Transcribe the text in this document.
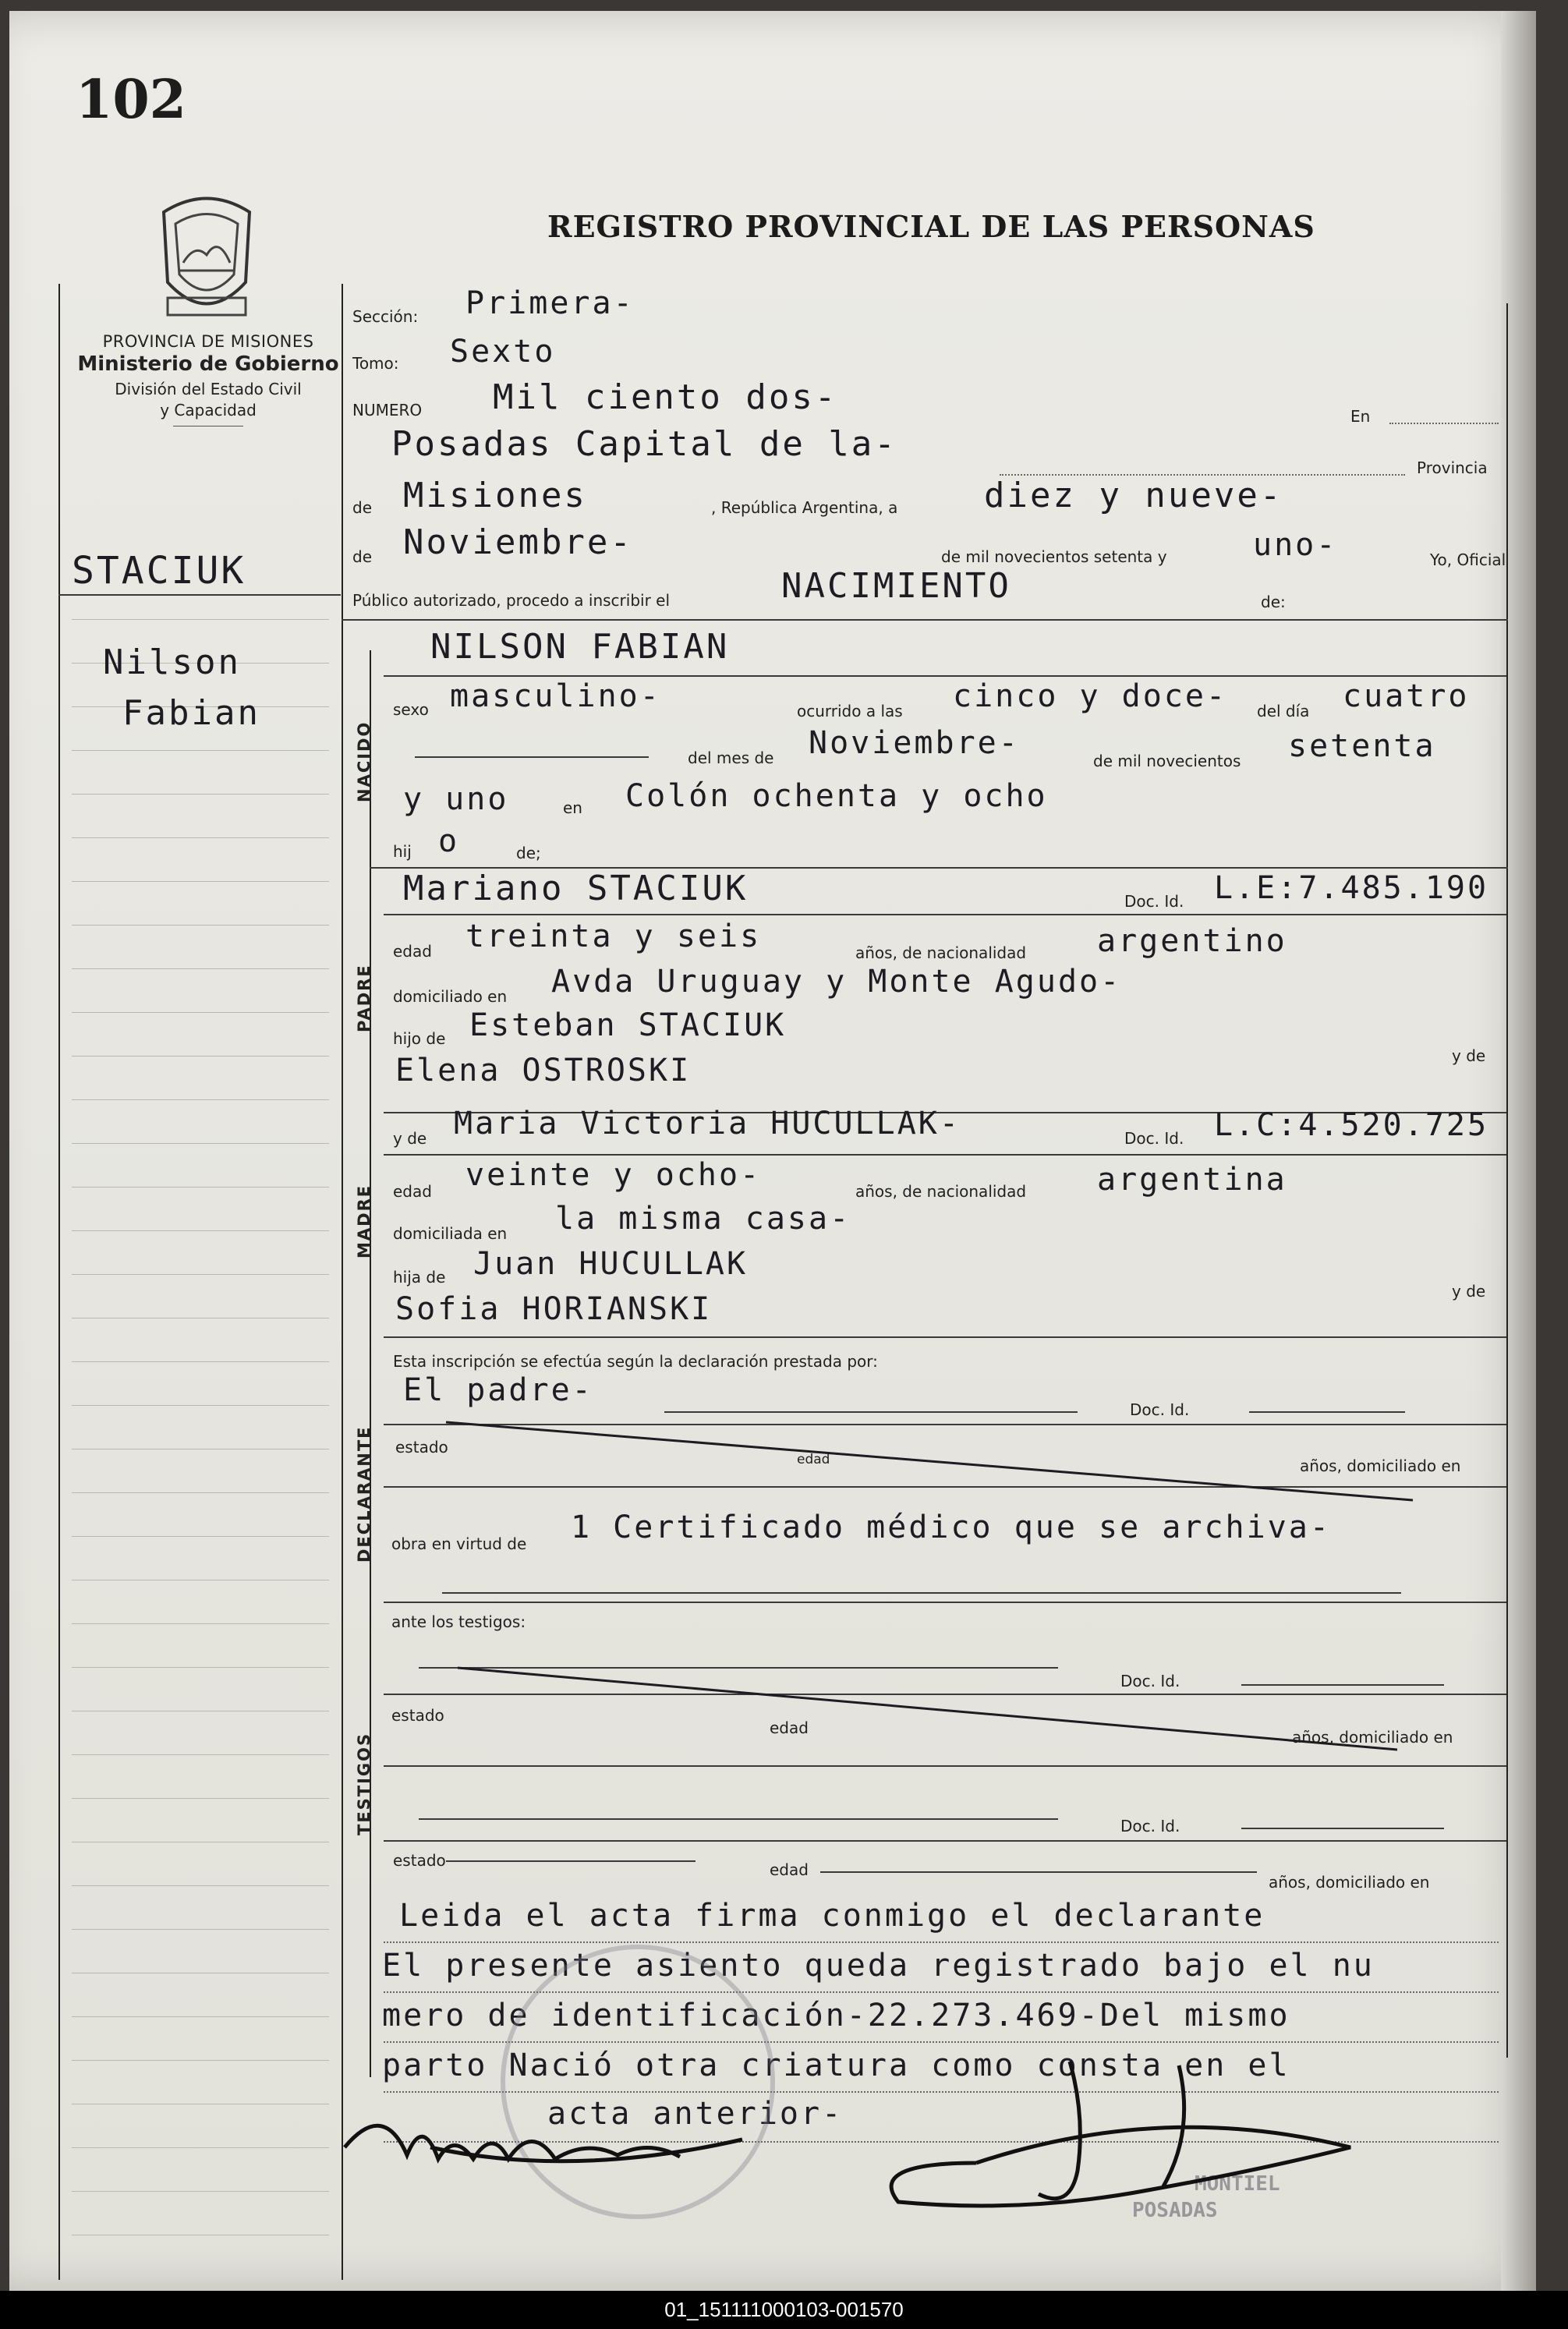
102
REGISTRO PROVINCIAL DE LAS PERSONAS
PROVINCIA DE MISIONES
Ministerio de Gobierno
División del Estado Civil
y Capacidad
STACIUK
Nilson
Fabian
Sección: Primera-
Tomo: Sexto
NUMERO Mil ciento dos-	En
Posadas Capital de la-
Provincia
de Misiones	, República Argentina, a	diez y nueve-
de Noviembre-	de mil novecientos setenta y	uno-	Yo, Oficial
Público autorizado, procedo a inscribir el	NACIMIENTO	de:
NACIDO
NILSON FABIAN
sexo masculino-	ocurrido a las cinco y doce- del día cuatro
del mes de Noviembre-	de mil novecientos setenta
y uno	en Colón ochenta y ocho
hij o	de;
PADRE
Mariano STACIUK	Doc. Id. L.E:7.485.190
edad treinta y seis	años, de nacionalidad argentino
domiciliado en Avda Uruguay y Monte Agudo-
hijo de Esteban STACIUK
Elena OSTROSKI	y de
MADRE
y de Maria Victoria HUCULLAK-	Doc. Id. L.C:4.520.725
edad veinte y ocho-	años, de nacionalidad argentina
domiciliada en la misma casa-
hija de Juan HUCULLAK
Sofia HORIANSKI	y de
Esta inscripción se efectúa según la declaración prestada por:
DECLARANTE
El padre-
Doc. Id.
estado
edad	años, domiciliado en
obra en virtud de 1 Certificado médico que se archiva-
ante los testigos:
TESTIGOS
Doc. Id.
estado
edad	años, domiciliado en
Doc. Id.
estado	edad
años, domiciliado en
Leida el acta firma conmigo el declarante
El presente asiento queda registrado bajo el nu
mero de identificación-22.273.469-Del mismo
parto Nació otra criatura como consta en el
acta anterior-
MONTIEL
POSADAS
01_151111000103-001570
